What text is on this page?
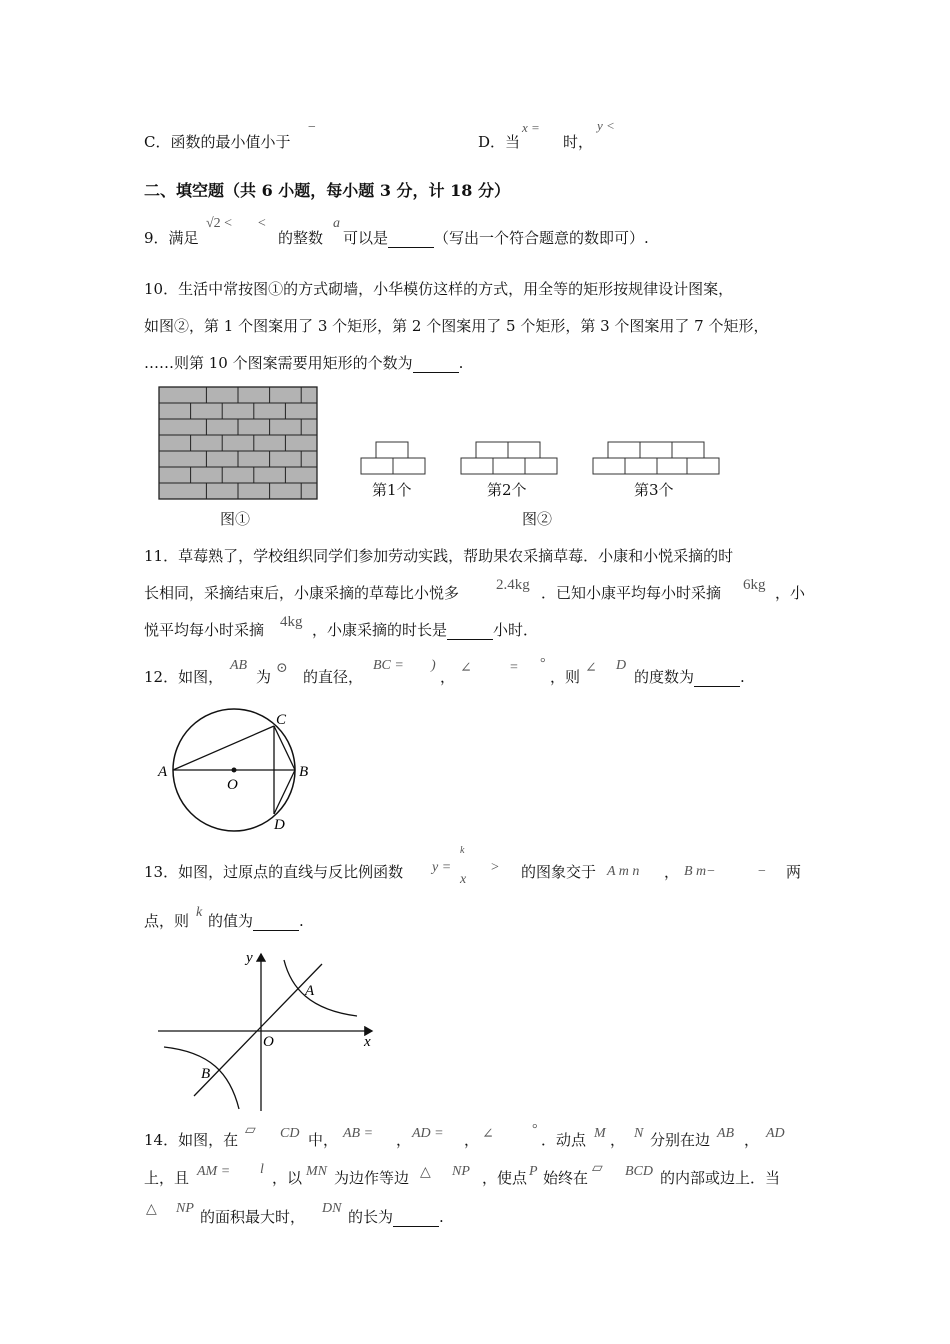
C．函数的最小值小于
−
D．当
x =
时，
y <
二、填空题（共 6 小题，每小题 3 分，计 18 分）
9．满足
√2 < <
的整数
a
可以是	（写出一个符合题意的数即可）.
10．生活中常按图①的方式砌墙，小华模仿这样的方式，用全等的矩形按规律设计图案，
如图②，第 1 个图案用了 3 个矩形，第 2 个图案用了 5 个矩形，第 3 个图案用了 7 个矩形，
……则第 10 个图案需要用矩形的个数为	.
图①
第1个	第2个	第3个
图②
11．草莓熟了，学校组织同学们参加劳动实践，帮助果农采摘草莓．小康和小悦采摘的时
长相同，采摘结束后，小康采摘的草莓比小悦多 2.4kg ．已知小康平均每小时采摘 6kg ，小
悦平均每小时采摘 4kg ，小康采摘的时长是	小时．
12．如图，
AB
为 ⊙ 的直径，
BC = )
， ∠	= °
，则 ∠ D
的度数为	.
A	B
C
D
O
13．如图，过原点的直线与反比例函数 y =
k
x
> 的图象交于 A m n ， B m−	− 两
点，则 k 的值为	.
y
x
O
A
B
14．如图，在
▱ CD 中， AB = ， AD = ， ∠	°
．动点 M ， N 分别在边 AB ， AD
上，且 AM = l ，以 MN 为边作等边 △ NP ，使点 P 始终在
▱ BCD 的内部或边上．当
△ NP 的面积最大时， DN 的长为	.
